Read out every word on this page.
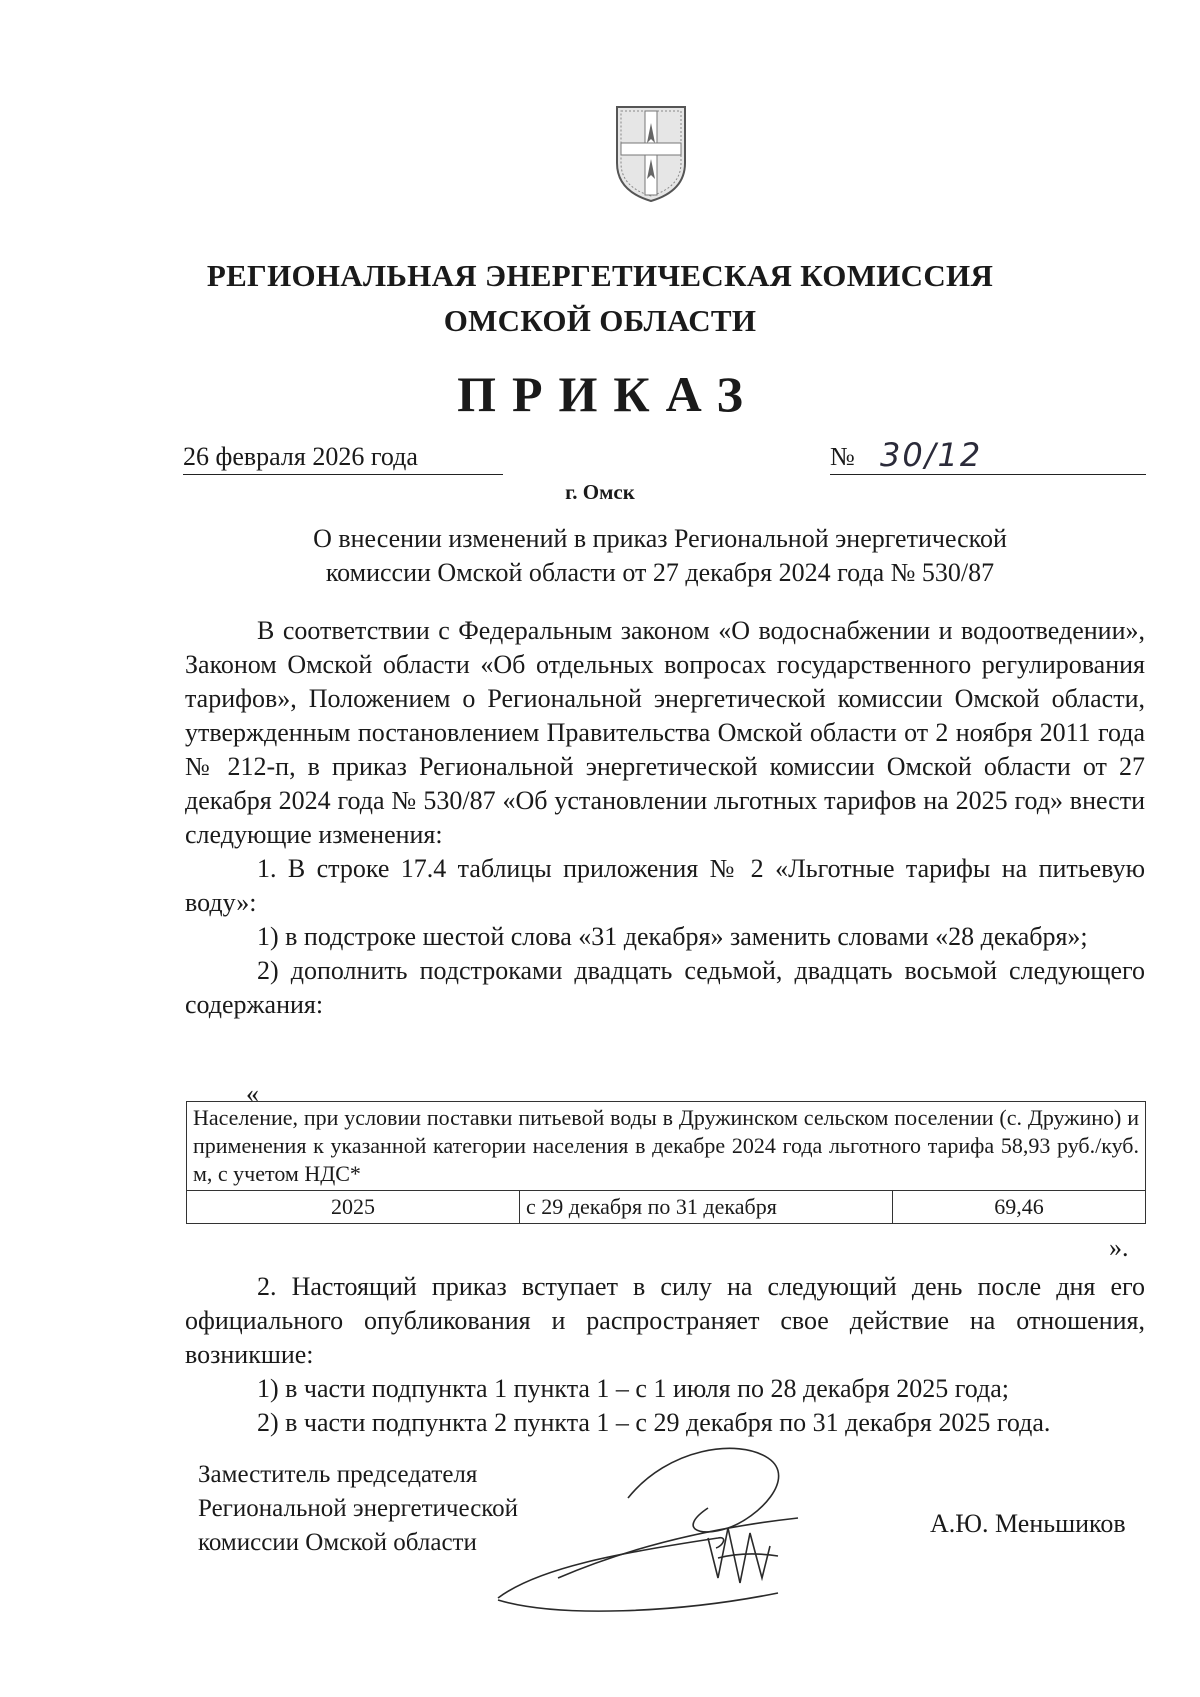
РЕГИОНАЛЬНАЯ ЭНЕРГЕТИЧЕСКАЯ КОМИССИЯ
ОМСКОЙ ОБЛАСТИ
ПРИКАЗ
26 февраля 2026 года	№ 30/12
г. Омск
О внесении изменений в приказ Региональной энергетической
комиссии Омской области от 27 декабря 2024 года № 530/87

В соответствии с Федеральным законом «О водоснабжении и водоотведении», Законом Омской области «Об отдельных вопросах государственного регулирования тарифов», Положением о Региональной энергетической комиссии Омской области, утвержденным постановлением Правительства Омской области от 2 ноября 2011 года № 212-п, в приказ Региональной энергетической комиссии Омской области от 27 декабря 2024 года № 530/87 «Об установлении льготных тарифов на 2025 год» внести следующие изменения:

1. В строке 17.4 таблицы приложения № 2 «Льготные тарифы на питьевую воду»:

1) в подстроке шестой слова «31 декабря» заменить словами «28 декабря»;

2) дополнить подстроками двадцать седьмой, двадцать восьмой следующего содержания:

«
Население, при условии поставки питьевой воды в Дружинском сельском поселении (с. Дружино) и применения к указанной категории населения в декабре 2024 года льготного тарифа 58,93 руб./куб. м, с учетом НДС*
2025	с 29 декабря по 31 декабря	69,46
».

2. Настоящий приказ вступает в силу на следующий день после дня его официального опубликования и распространяет свое действие на отношения, возникшие:

1) в части подпункта 1 пункта 1 – с 1 июля по 28 декабря 2025 года;

2) в части подпункта 2 пункта 1 – с 29 декабря по 31 декабря 2025 года.

Заместитель председателя
Региональной энергетической
комиссии Омской области
А.Ю. Меньшиков
